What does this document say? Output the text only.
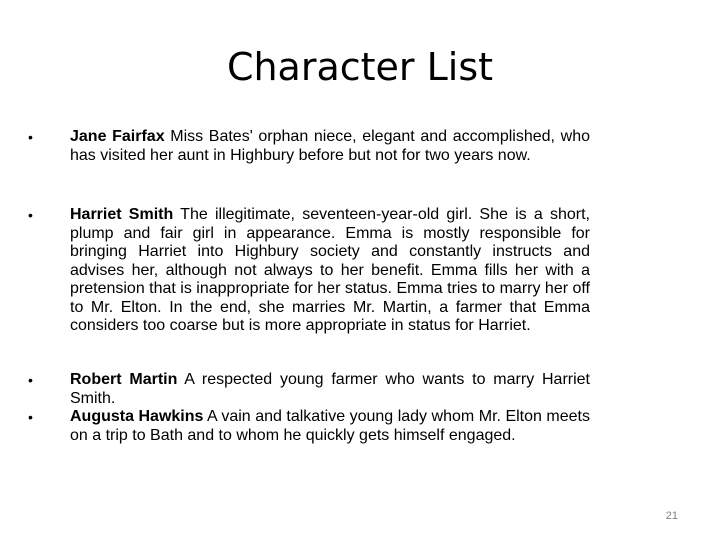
Character List
•	Jane Fairfax Miss Bates' orphan niece, elegant and accomplished, who has visited her aunt in Highbury before but not for two years now.
•	Harriet Smith The illegitimate, seventeen-year-old girl. She is a short, plump and fair girl in appearance. Emma is mostly responsible for bringing Harriet into Highbury society and constantly instructs and advises her, although not always to her benefit. Emma fills her with a pretension that is inappropriate for her status. Emma tries to marry her off to Mr. Elton. In the end, she marries Mr. Martin, a farmer that Emma considers too coarse but is more appropriate in status for Harriet.
•	Robert Martin A respected young farmer who wants to marry Harriet Smith.
•	Augusta Hawkins A vain and talkative young lady whom Mr. Elton meets on a trip to Bath and to whom he quickly gets himself engaged.
21
